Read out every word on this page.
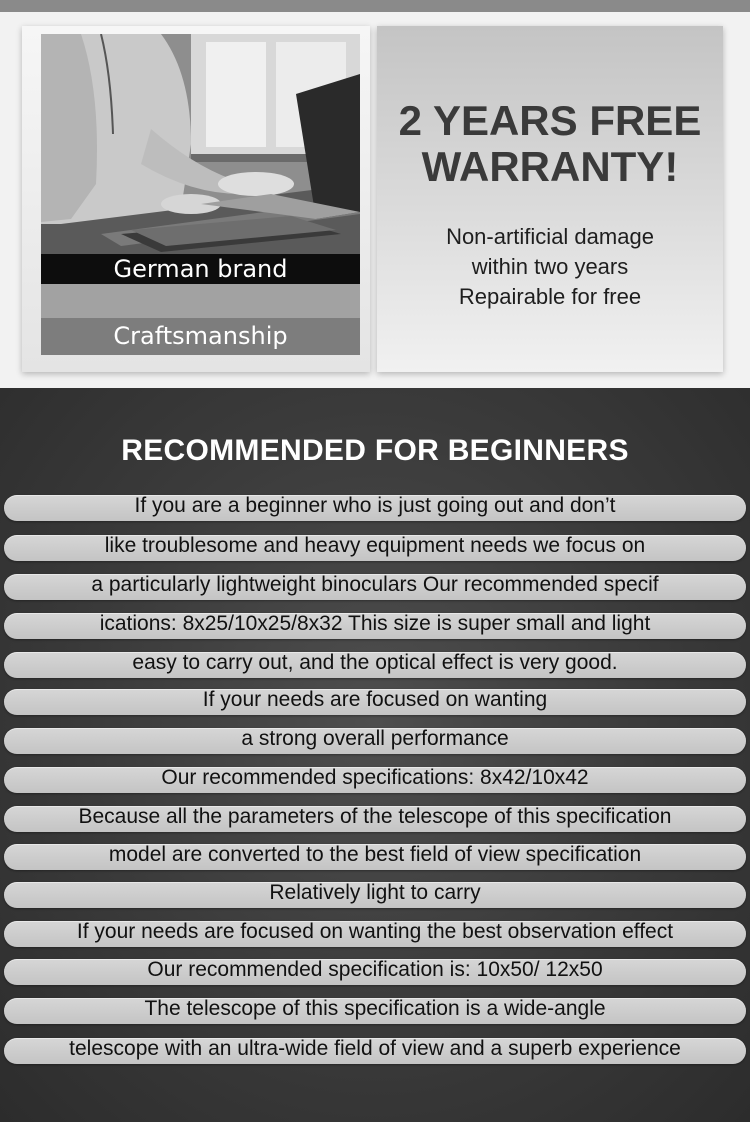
German brand
Craftsmanship
2 YEARS FREE
WARRANTY!
Non-artificial damage
within two years
Repairable for free
RECOMMENDED FOR BEGINNERS
If you are a beginner who is just going out and don’t
like troublesome and heavy equipment needs we focus on
a particularly lightweight binoculars Our recommended specif
ications: 8x25/10x25/8x32 This size is super small and light
easy to carry out, and the optical effect is very good.
If your needs are focused on wanting
a strong overall performance
Our recommended specifications: 8x42/10x42
Because all the parameters of the telescope of this specification
model are converted to the best field of view specification
Relatively light to carry
If your needs are focused on wanting the best observation effect
Our recommended specification is: 10x50/ 12x50
The telescope of this specification is a wide-angle
telescope with an ultra-wide field of view and a superb experience
